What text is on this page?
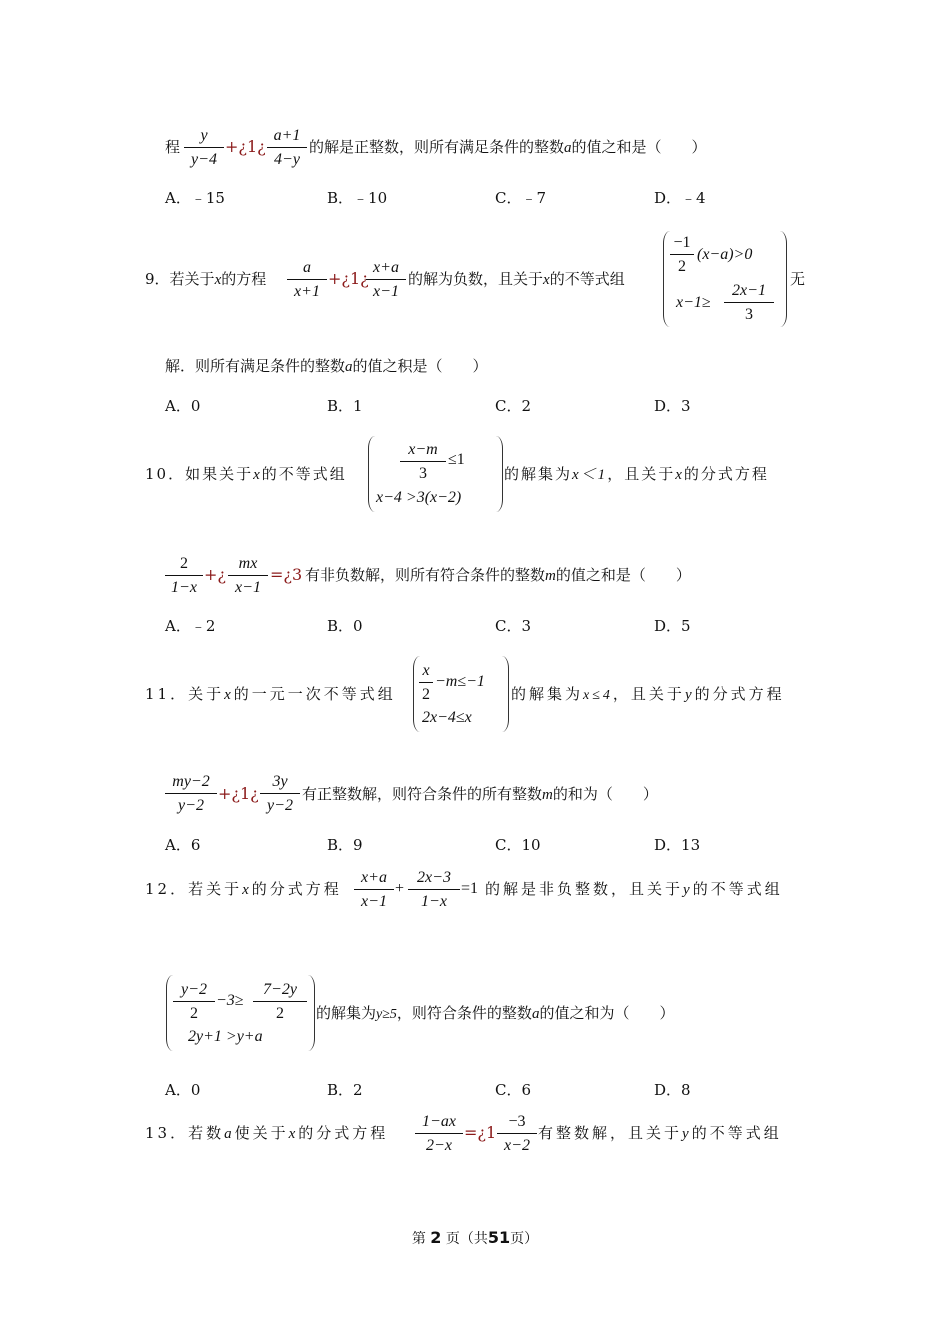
程
y
y−4
+¿1¿
a+1
4−y
的解是正整数，则所有满足条件的整数a的值之和是（　　）
A．﹣15	B．﹣10	C．﹣7	D．﹣4
9．若关于x的方程
a
x+1
+¿1¿
x+a
x−1
的解为负数，且关于x的不等式组
−1
2
(x−a)>0
x−1≥
2x−1
3
无
解．则所有满足条件的整数a的值之积是（　　）
A．0	B．1	C．2	D．3
10．如果关于x的不等式组
x−m
3
≤1
x−4 >3(x−2)
的解集为x＜1，且关于x的分式方程
2
1−x
+¿
mx
x−1
=¿3 有非负数解，则所有符合条件的整数m的值之和是（　　）
A．﹣2	B．0	C．3	D．5
11．关于x的一元一次不等式组
x
2
−m≤−1
2x−4≤x
的解集为x≤4，且关于y的分式方程
my−2
y−2
+¿1¿
3y
y−2
有正整数解，则符合条件的所有整数m的和为（　　）
A．6	B．9	C．10	D．13
12．若关于x的分式方程
x+a
x−1
+
2x−3
1−x
=1 的解是非负整数，且关于y的不等式组
y−2
2
−3≥
7−2y
2
2y+1 >y+a
的解集为y≥5，则符合条件的整数a的值之和为（　　）
A．0	B．2	C．6	D．8
13．若数a使关于x的分式方程
1−ax
2−x
=¿1
−3
x−2
有整数解，且关于y的不等式组
第 2 页（共51页）
